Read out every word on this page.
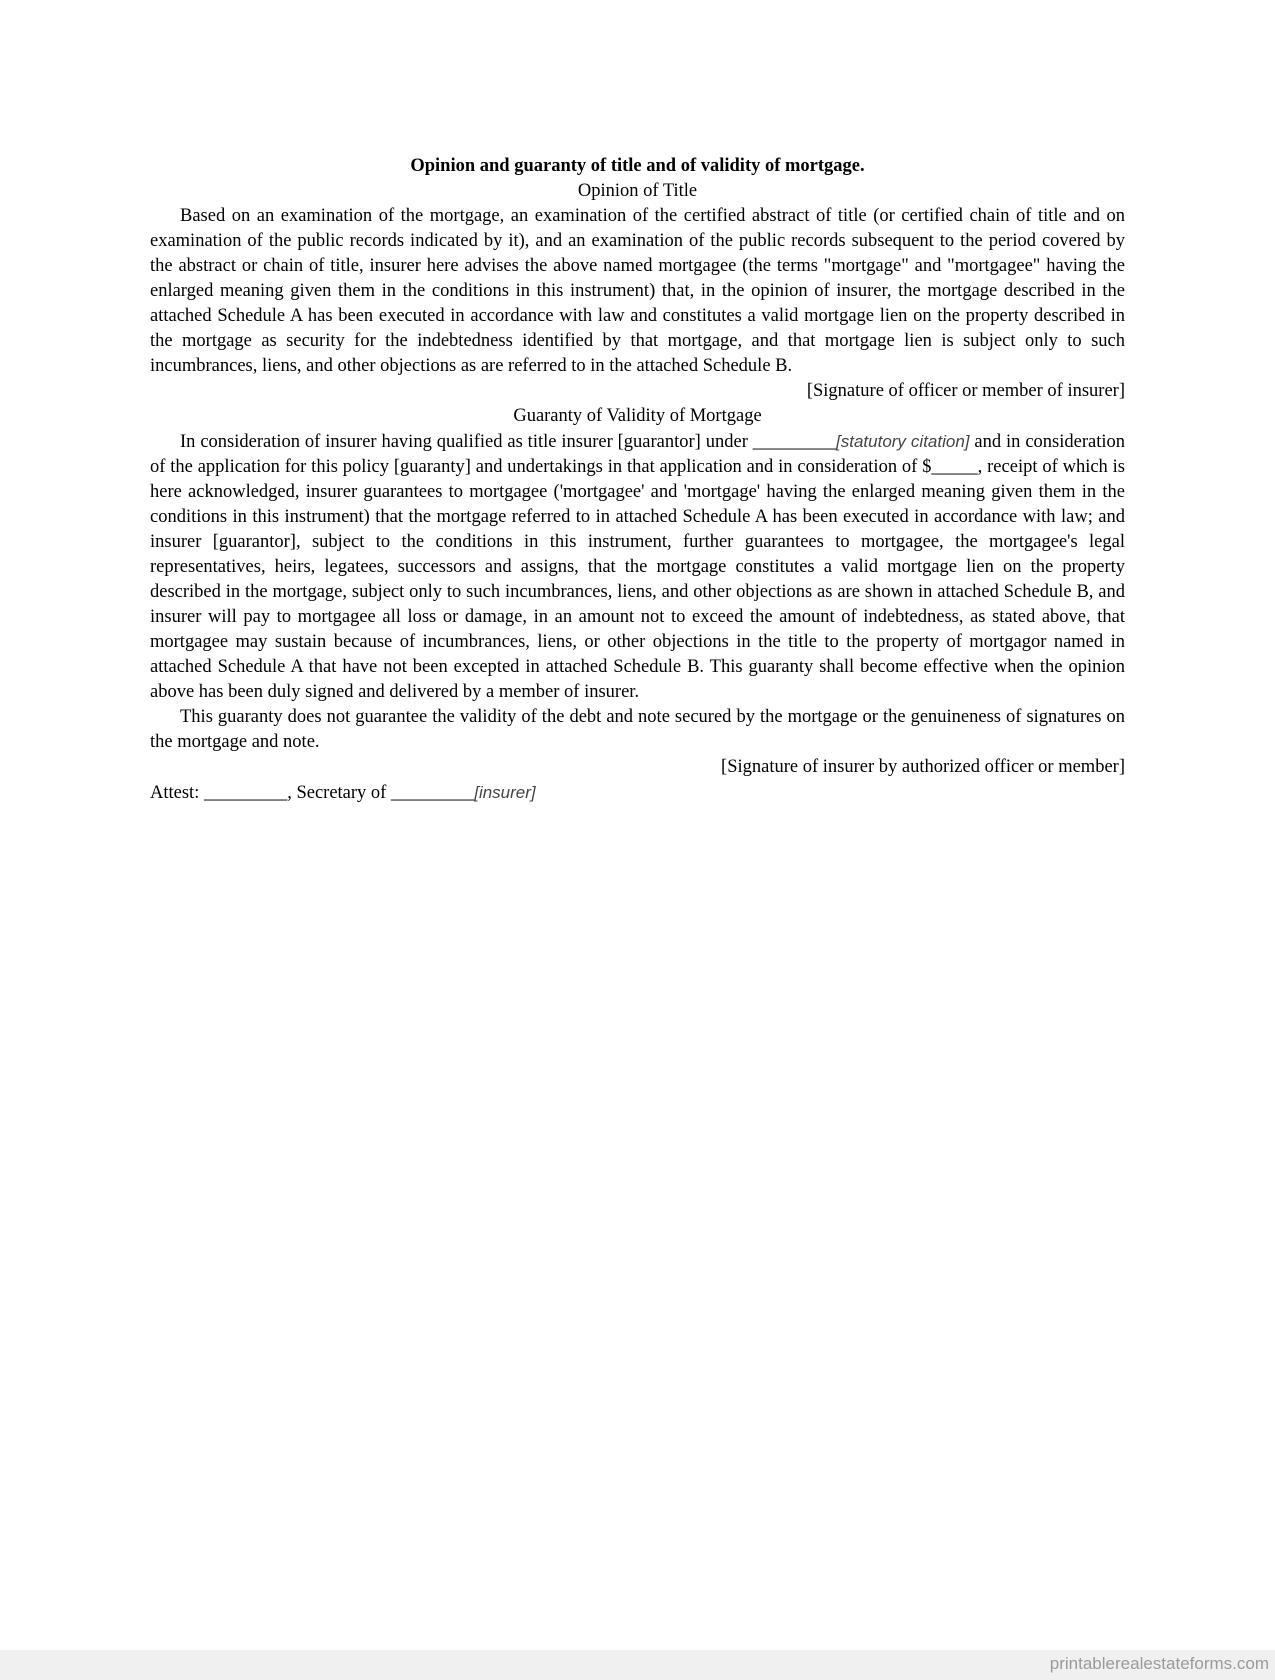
Opinion and guaranty of title and of validity of mortgage.

Opinion of Title

Based on an examination of the mortgage, an examination of the certified abstract of title (or certified chain of title and on examination of the public records indicated by it), and an examination of the public records subsequent to the period covered by the abstract or chain of title, insurer here advises the above named mortgagee (the terms "mortgage" and "mortgagee" having the enlarged meaning given them in the conditions in this instrument) that, in the opinion of insurer, the mortgage described in the attached Schedule A has been executed in accordance with law and constitutes a valid mortgage lien on the property described in the mortgage as security for the indebtedness identified by that mortgage, and that mortgage lien is subject only to such incumbrances, liens, and other objections as are referred to in the attached Schedule B.

[Signature of officer or member of insurer]

Guaranty of Validity of Mortgage

In consideration of insurer having qualified as title insurer [guarantor] under _________[statutory citation] and in consideration of the application for this policy [guaranty] and undertakings in that application and in consideration of $_____, receipt of which is here acknowledged, insurer guarantees to mortgagee ('mortgagee' and 'mortgage' having the enlarged meaning given them in the conditions in this instrument) that the mortgage referred to in attached Schedule A has been executed in accordance with law; and insurer [guarantor], subject to the conditions in this instrument, further guarantees to mortgagee, the mortgagee's legal representatives, heirs, legatees, successors and assigns, that the mortgage constitutes a valid mortgage lien on the property described in the mortgage, subject only to such incumbrances, liens, and other objections as are shown in attached Schedule B, and insurer will pay to mortgagee all loss or damage, in an amount not to exceed the amount of indebtedness, as stated above, that mortgagee may sustain because of incumbrances, liens, or other objections in the title to the property of mortgagor named in attached Schedule A that have not been excepted in attached Schedule B. This guaranty shall become effective when the opinion above has been duly signed and delivered by a member of insurer.

This guaranty does not guarantee the validity of the debt and note secured by the mortgage or the genuineness of signatures on the mortgage and note.

[Signature of insurer by authorized officer or member]

Attest: _________, Secretary of _________[insurer]

printablerealestateforms.com
